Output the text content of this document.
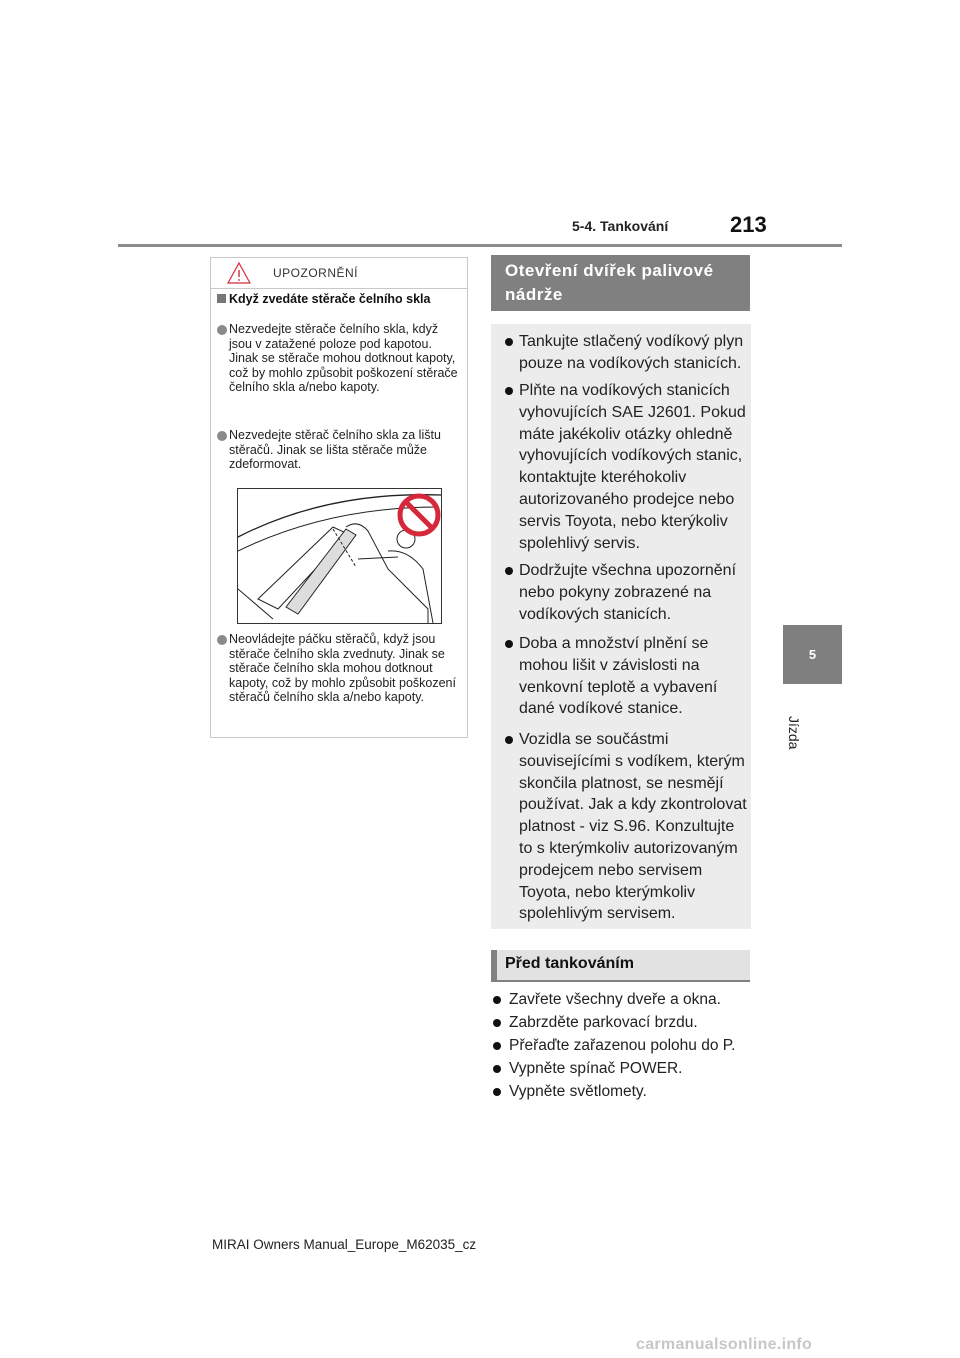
5-4. Tankování	213
5
Jízda
UPOZORNĚNÍ
Když zvedáte stěrače čelního skla
Nezvedejte stěrače čelního skla, když jsou v zatažené poloze pod kapotou. Jinak se stěrače mohou dotknout kapoty, což by mohlo způsobit poškození stěrače čelního skla a/nebo kapoty.
Nezvedejte stěrač čelního skla za lištu stěračů. Jinak se lišta stěrače může zdeformovat.
Neovládejte páčku stěračů, když jsou stěrače čelního skla zvednuty. Jinak se stěrače čelního skla mohou dotknout kapoty, což by mohlo způsobit poškození stěračů čelního skla a/nebo kapoty.
Otevření dvířek palivové nádrže
Tankujte stlačený vodíkový plyn pouze na vodíkových stanicích.
Plňte na vodíkových stanicích vyhovujících SAE J2601. Pokud máte jakékoliv otázky ohledně vyhovujících vodíkových stanic, kontaktujte kteréhokoliv autorizovaného prodejce nebo servis Toyota, nebo kterýkoliv spolehlivý servis.
Dodržujte všechna upozornění nebo pokyny zobrazené na vodíkových stanicích.
Doba a množství plnění se mohou lišit v závislosti na venkovní teplotě a vybavení dané vodíkové stanice.
Vozidla se součástmi souvisejícími s vodíkem, kterým skončila platnost, se nesmějí používat. Jak a kdy zkontrolovat platnost - viz S.96. Konzultujte to s kterýmkoliv autorizovaným prodejcem nebo servisem Toyota, nebo kterýmkoliv spolehlivým servisem.
Před tankováním
Zavřete všechny dveře a okna.
Zabrzděte parkovací brzdu.
Přeřaďte zařazenou polohu do P.
Vypněte spínač POWER.
Vypněte světlomety.
MIRAI Owners Manual_Europe_M62035_cz
carmanualsonline.info
